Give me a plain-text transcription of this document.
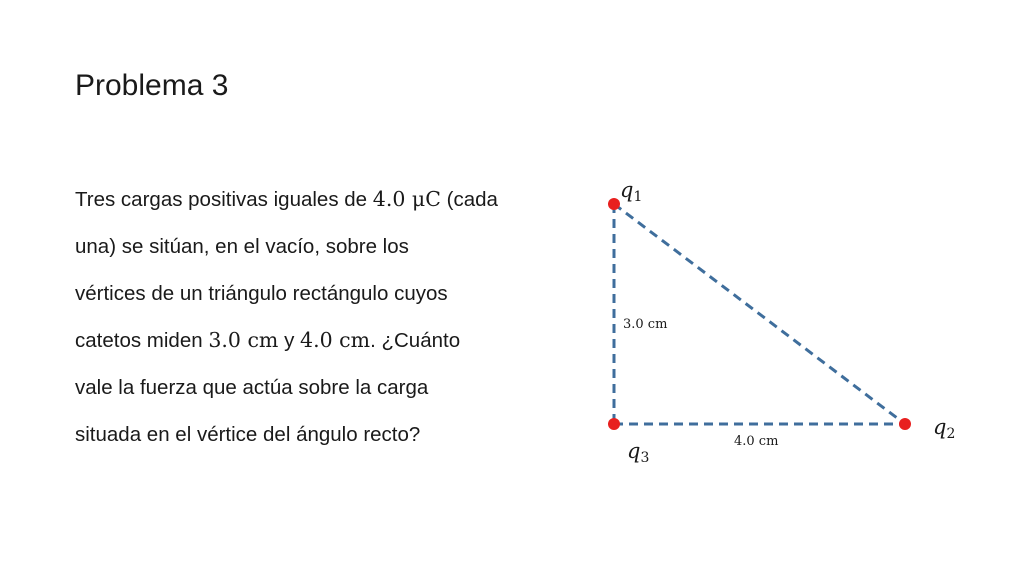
Problema 3
Tres cargas positivas iguales de 4.0 μC (cada
una) se sitúan, en el vacío, sobre los
vértices de un triángulo rectángulo cuyos
catetos miden 3.0 cm y 4.0 cm. ¿Cuánto
vale la fuerza que actúa sobre la carga
situada en el vértice del ángulo recto?
q1
q2
q3
3.0 cm
4.0 cm
